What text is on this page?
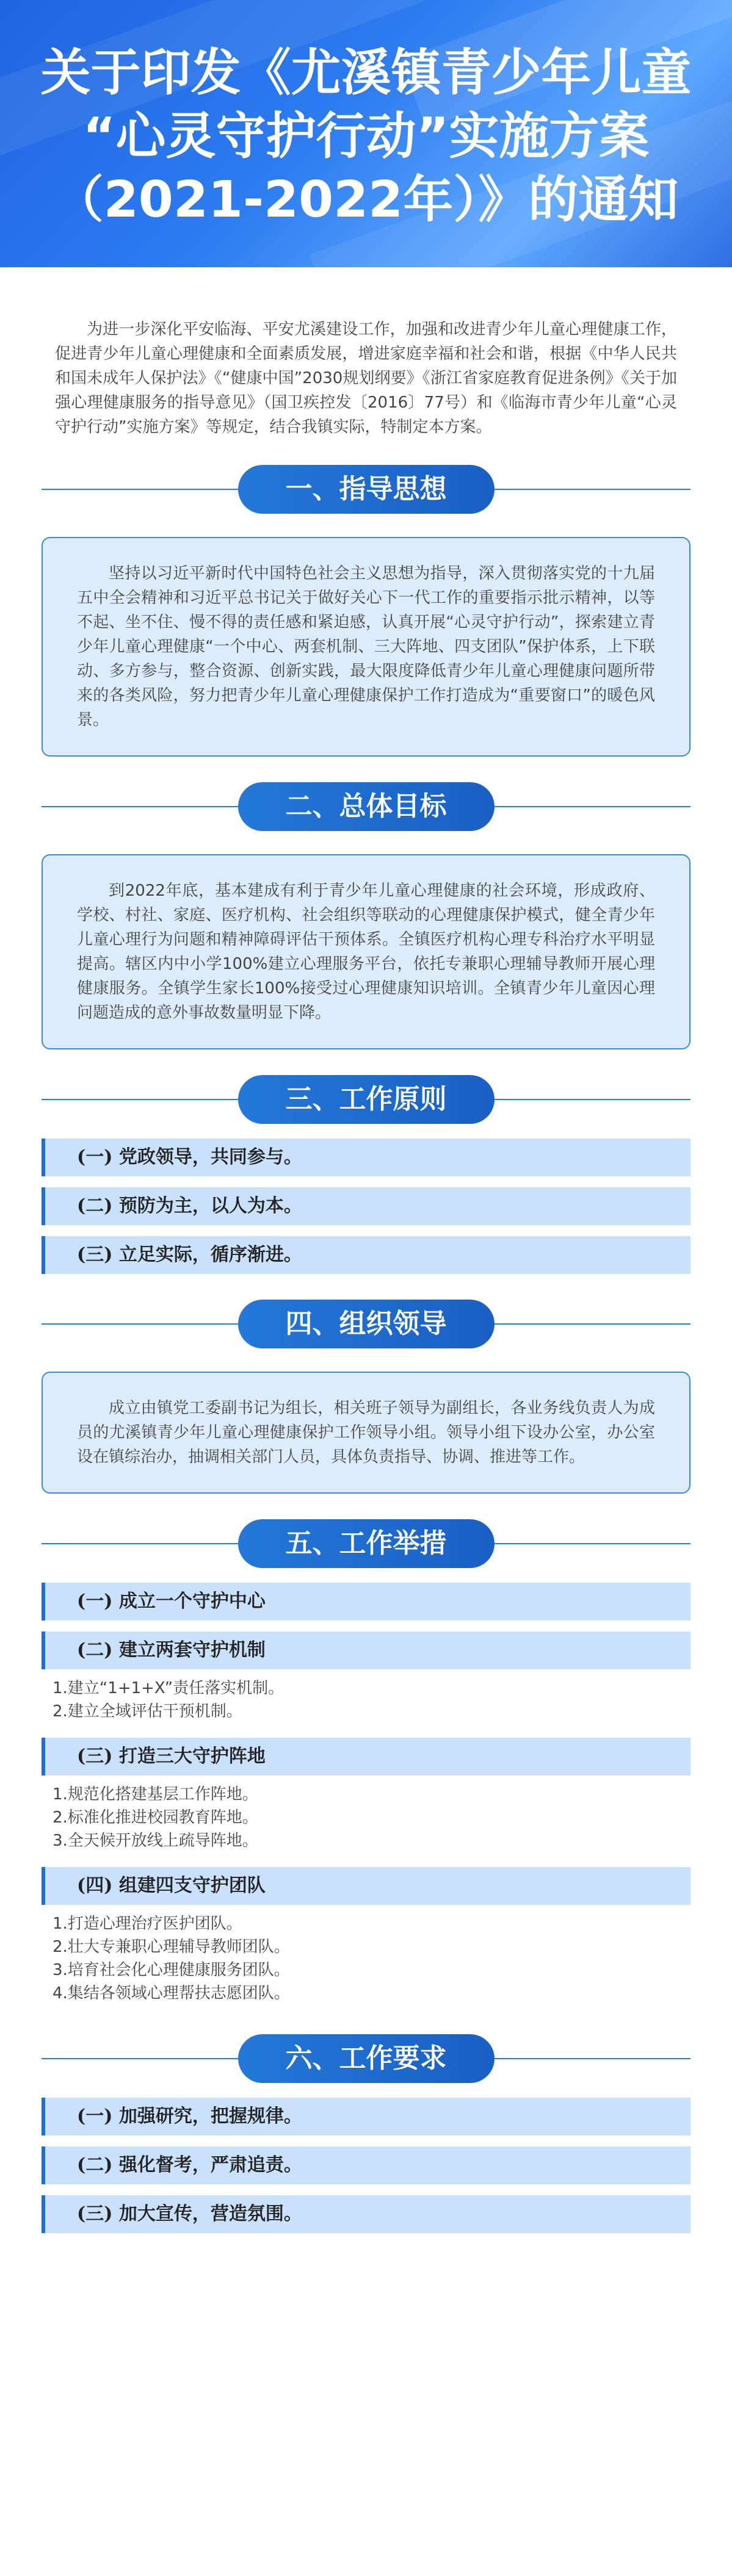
关于印发《尤溪镇青少年儿童
“心灵守护行动”实施方案
（2021-2022年）》的通知

为进一步深化平安临海、平安尤溪建设工作，加强和改进青少年儿童心理健康工作，促进青少年儿童心理健康和全面素质发展，增进家庭幸福和社会和谐，根据《中华人民共和国未成年人保护法》《“健康中国”2030规划纲要》《浙江省家庭教育促进条例》《关于加强心理健康服务的指导意见》（国卫疾控发〔2016〕77号）和《临海市青少年儿童“心灵守护行动”实施方案》等规定，结合我镇实际，特制定本方案。

一、指导思想
坚持以习近平新时代中国特色社会主义思想为指导，深入贯彻落实党的十九届五中全会精神和习近平总书记关于做好关心下一代工作的重要指示批示精神，以等不起、坐不住、慢不得的责任感和紧迫感，认真开展“心灵守护行动”，探索建立青少年儿童心理健康“一个中心、两套机制、三大阵地、四支团队”保护体系，上下联动、多方参与，整合资源、创新实践，最大限度降低青少年儿童心理健康问题所带来的各类风险，努力把青少年儿童心理健康保护工作打造成为“重要窗口”的暖色风景。
二、总体目标
到2022年底，基本建成有利于青少年儿童心理健康的社会环境，形成政府、学校、村社、家庭、医疗机构、社会组织等联动的心理健康保护模式，健全青少年儿童心理行为问题和精神障碍评估干预体系。全镇医疗机构心理专科治疗水平明显提高。辖区内中小学100%建立心理服务平台，依托专兼职心理辅导教师开展心理健康服务。全镇学生家长100%接受过心理健康知识培训。全镇青少年儿童因心理问题造成的意外事故数量明显下降。
三、工作原则
(一) 党政领导，共同参与。
(二) 预防为主，以人为本。
(三) 立足实际，循序渐进。
四、组织领导
成立由镇党工委副书记为组长，相关班子领导为副组长，各业务线负责人为成员的尤溪镇青少年儿童心理健康保护工作领导小组。领导小组下设办公室，办公室设在镇综治办，抽调相关部门人员，具体负责指导、协调、推进等工作。
五、工作举措
(一) 成立一个守护中心
(二) 建立两套守护机制
1.建立“1+1+X”责任落实机制。
2.建立全域评估干预机制。
(三) 打造三大守护阵地
1.规范化搭建基层工作阵地。
2.标准化推进校园教育阵地。
3.全天候开放线上疏导阵地。
(四) 组建四支守护团队
1.打造心理治疗医护团队。
2.壮大专兼职心理辅导教师团队。
3.培育社会化心理健康服务团队。
4.集结各领域心理帮扶志愿团队。
六、工作要求
(一) 加强研究，把握规律。
(二) 强化督考，严肃追责。
(三) 加大宣传，营造氛围。
